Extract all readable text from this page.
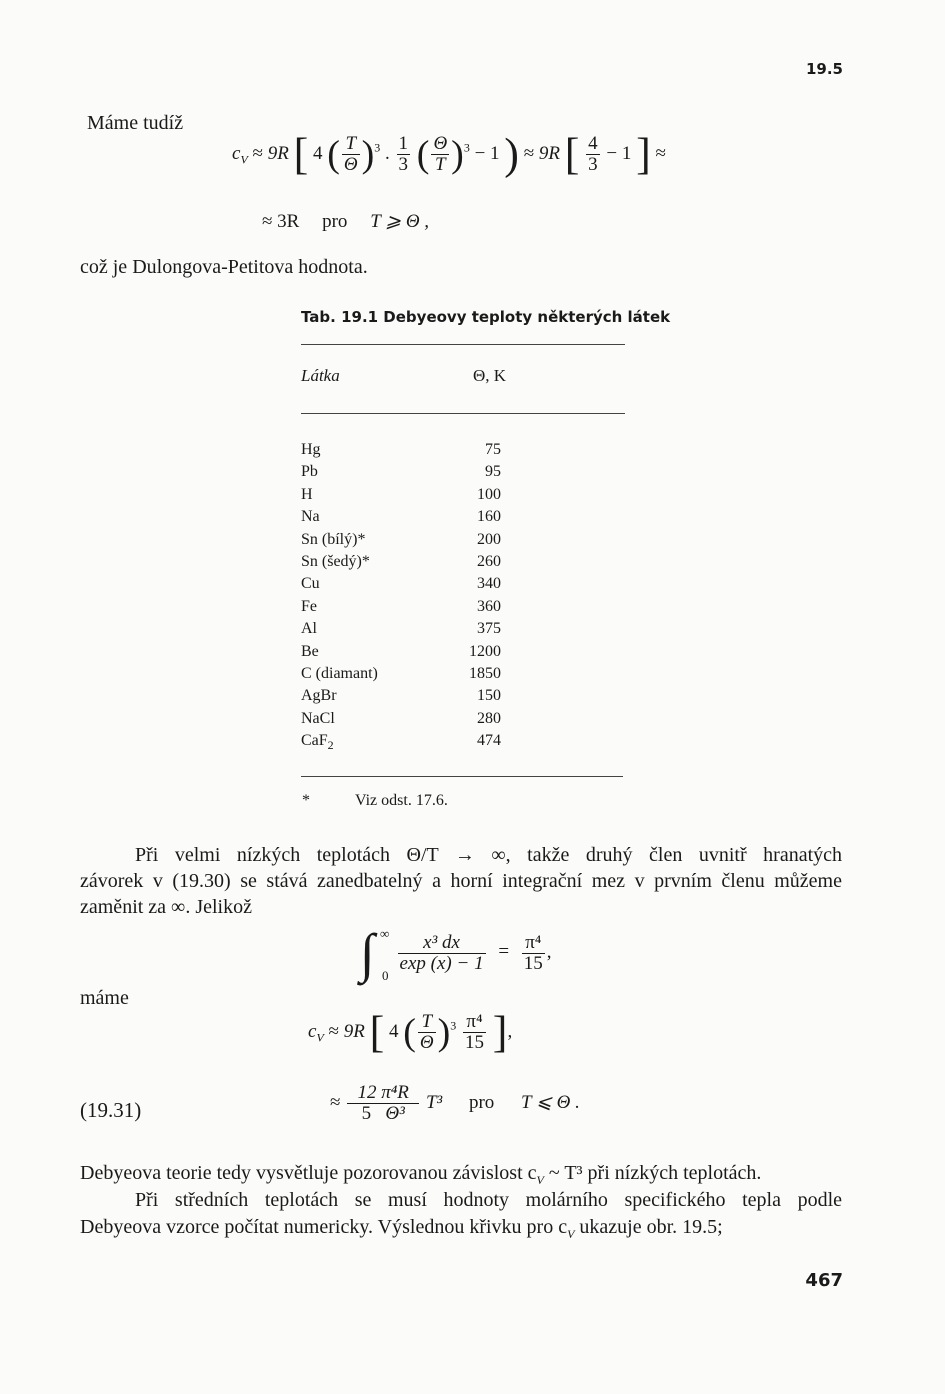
19.5
Máme tudíž
$c_V \approx 9R$ [ 4 ( $\frac{T}{\Theta} )^3$ . $\frac{1}{3}$ ( $\frac{\Theta}{T} )^3 - 1$ ) ≈ 9R [ $\frac{4}{3} - 1$ ] ≈
≈ 3R pro T ⩾ Θ ,
což je Dulongova-Petitova hodnota.
Tab. 19.1 Debyeovy teploty některých látek
Látka	Θ, K
Hg	75
Pb	95
H	100
Na	160
Sn (bílý)*	200
Sn (šedý)*	260
Cu	340
Fe	360
Al	375
Be	1200
C (diamant)	1850
AgBr	150
NaCl	280
CaF$_2$	474
*	Viz odst. 17.6.
Při velmi nízkých teplotách Θ/T → ∞, takže druhý člen uvnitř hranatých
závorek v (19.30) se stává zanedbatelný a horní integrační mez v prvním členu můžeme
zaměnit za ∞. Jelikož
∫ ∞
0
$\frac{\text{x³ dx}}{\exp (x) - 1} = \frac{\text{π⁴}}{15}$ ,
máme
$c_V \approx 9R$ [ 4 ( $\frac{T}{\Theta} )^3 \frac{\text{π⁴}}{15}$ ],
(19.31)	≈ $\frac{\text{12 π⁴R}}{\text{5 Θ³}} T^3$ pro T ⩽ Θ .
Debyeova teorie tedy vysvětluje pozorovanou závislost $c_V$ ~ T³ při nízkých teplotách.
Při středních teplotách se musí hodnoty molárního specifického tepla podle
Debyeova vzorce počítat numericky. Výslednou křivku pro $c_V$ ukazuje obr. 19.5;
467
